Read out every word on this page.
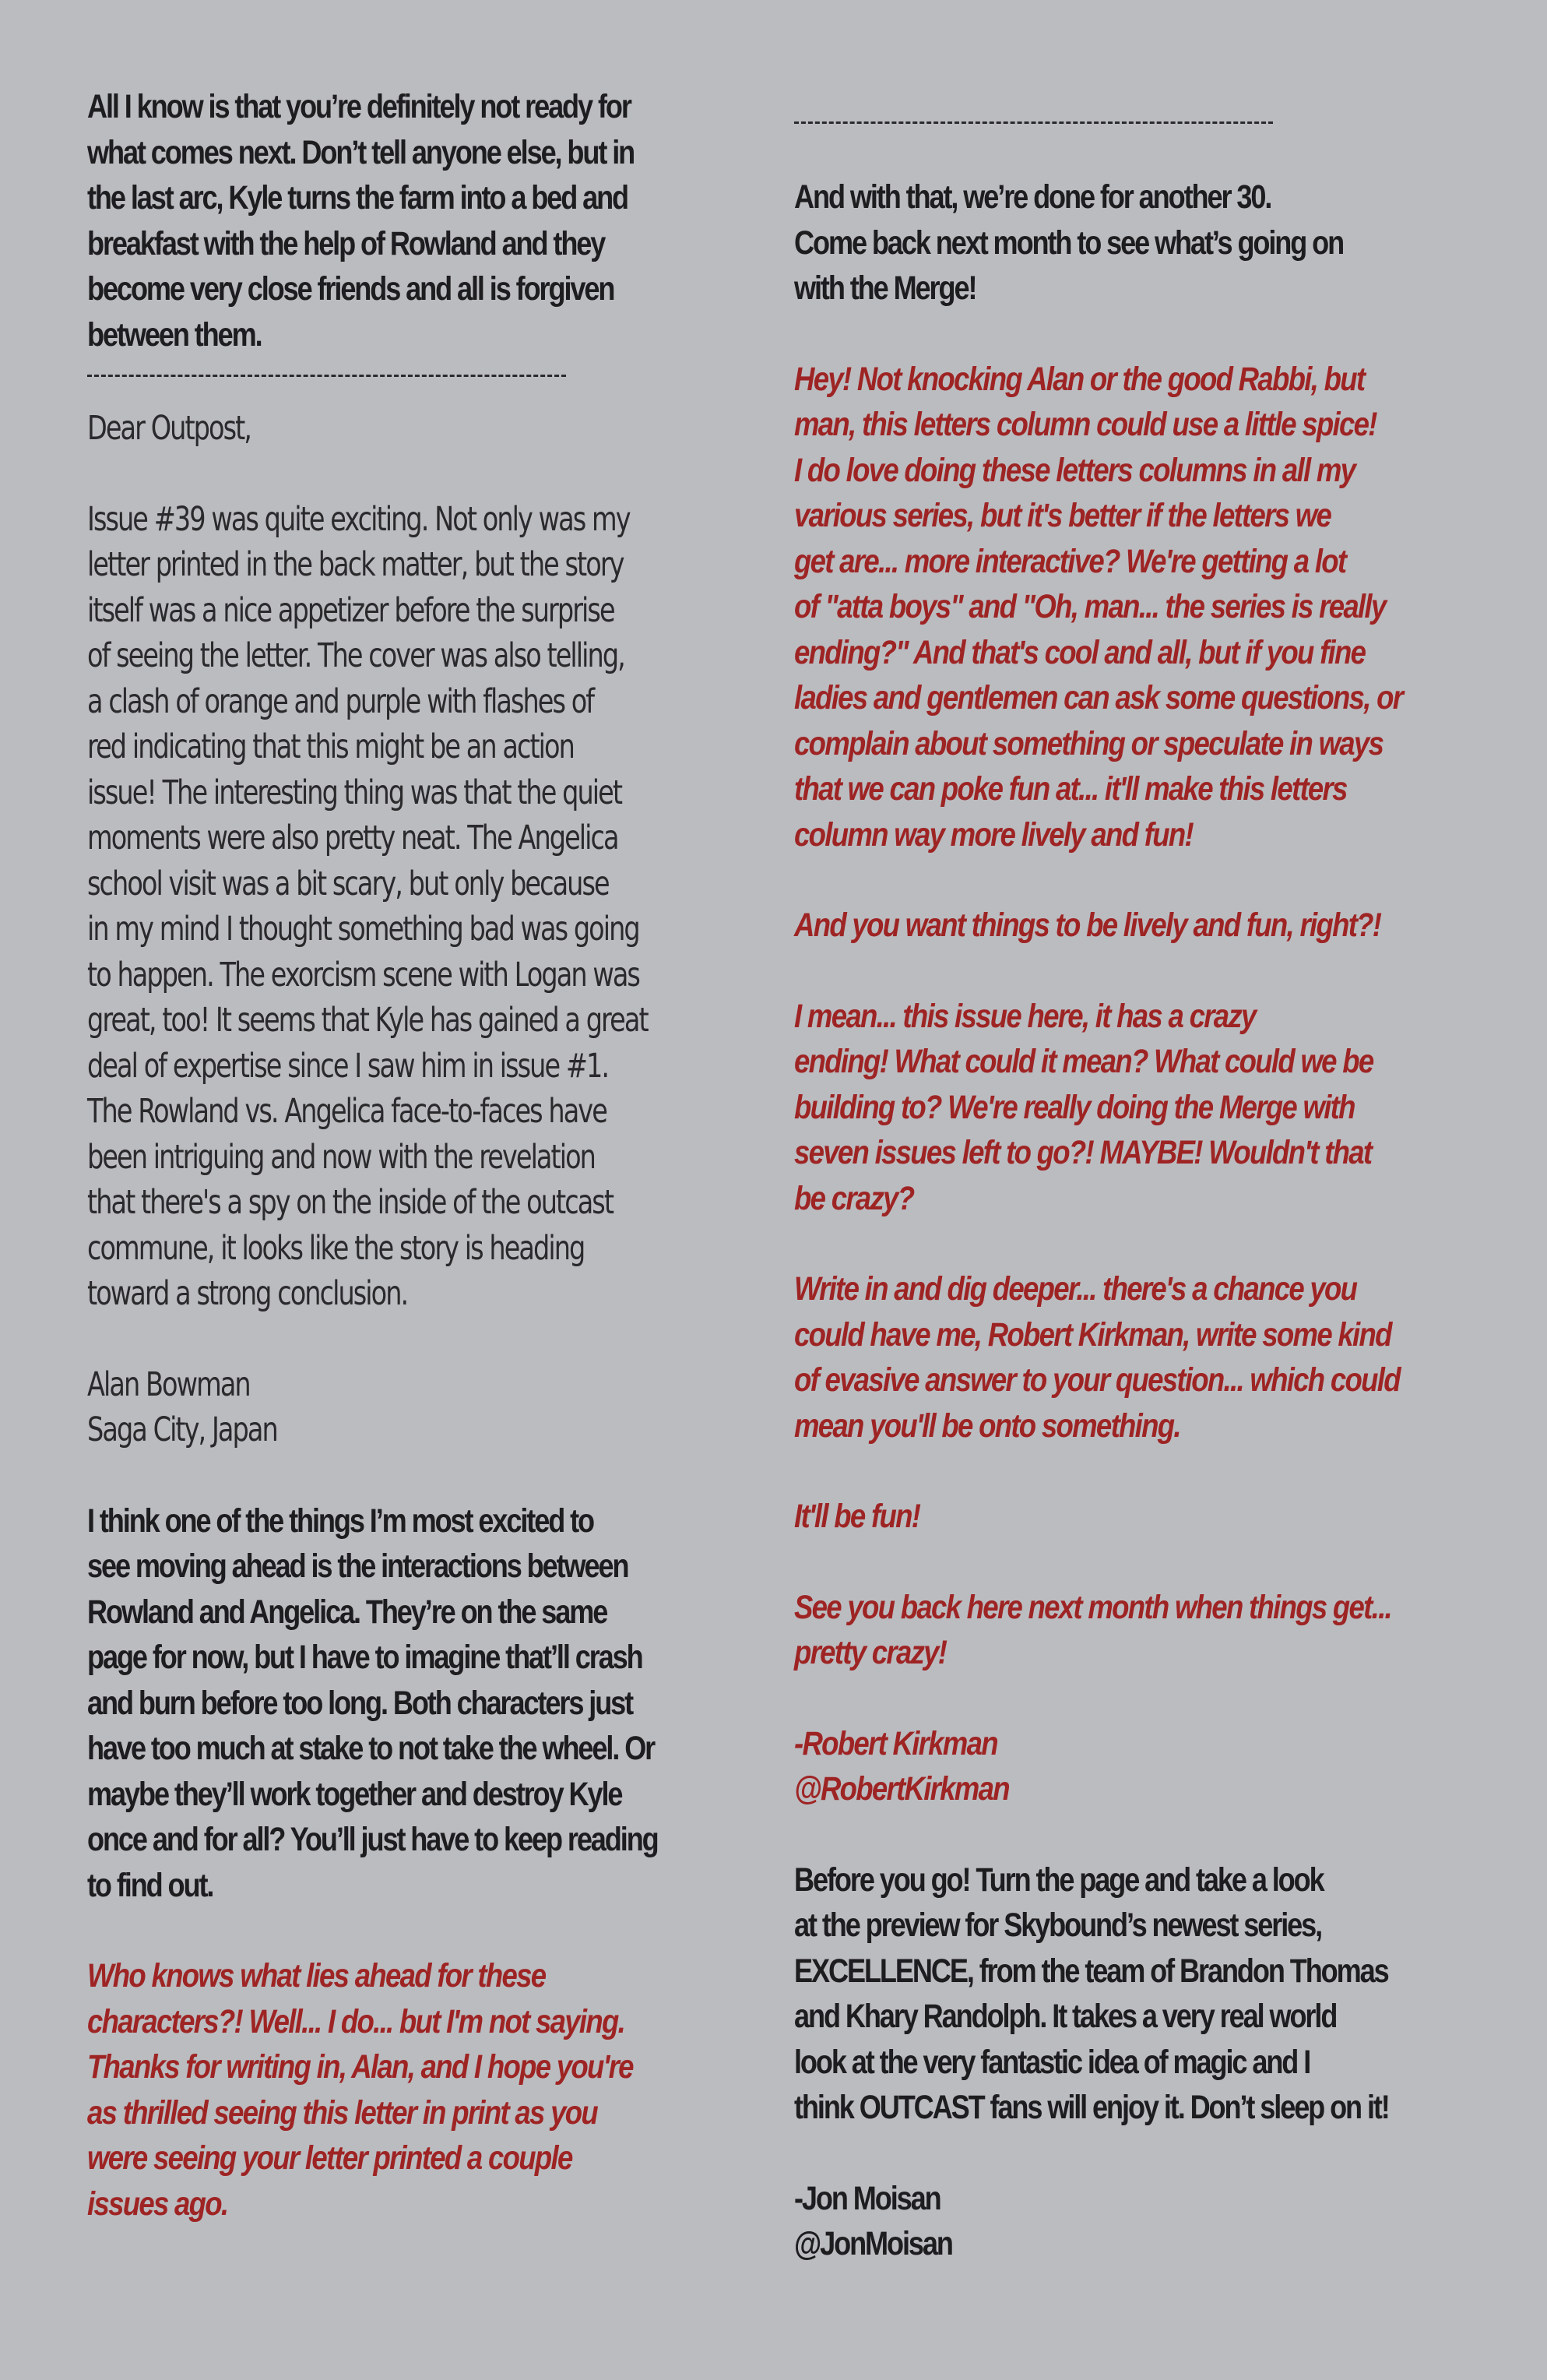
All I know is that you’re definitely not ready for
what comes next. Don’t tell anyone else, but in
the last arc, Kyle turns the farm into a bed and
breakfast with the help of Rowland and they
become very close friends and all is forgiven
between them.

Dear Outpost,

Issue #39 was quite exciting. Not only was my
letter printed in the back matter, but the story
itself was a nice appetizer before the surprise
of seeing the letter. The cover was also telling,
a clash of orange and purple with flashes of
red indicating that this might be an action
issue! The interesting thing was that the quiet
moments were also pretty neat. The Angelica
school visit was a bit scary, but only because
in my mind I thought something bad was going
to happen. The exorcism scene with Logan was
great, too! It seems that Kyle has gained a great
deal of expertise since I saw him in issue #1.
The Rowland vs. Angelica face-to-faces have
been intriguing and now with the revelation
that there's a spy on the inside of the outcast
commune, it looks like the story is heading
toward a strong conclusion.

Alan Bowman
Saga City, Japan

I think one of the things I’m most excited to
see moving ahead is the interactions between
Rowland and Angelica. They’re on the same
page for now, but I have to imagine that’ll crash
and burn before too long. Both characters just
have too much at stake to not take the wheel. Or
maybe they’ll work together and destroy Kyle
once and for all? You’ll just have to keep reading
to find out.

Who knows what lies ahead for these
characters?! Well... I do... but I'm not saying.
Thanks for writing in, Alan, and I hope you're
as thrilled seeing this letter in print as you
were seeing your letter printed a couple
issues ago.

And with that, we’re done for another 30.
Come back next month to see what’s going on
with the Merge!

Hey! Not knocking Alan or the good Rabbi, but
man, this letters column could use a little spice!
I do love doing these letters columns in all my
various series, but it's better if the letters we
get are... more interactive? We're getting a lot
of "atta boys" and "Oh, man... the series is really
ending?" And that's cool and all, but if you fine
ladies and gentlemen can ask some questions, or
complain about something or speculate in ways
that we can poke fun at... it'll make this letters
column way more lively and fun!

And you want things to be lively and fun, right?!

I mean... this issue here, it has a crazy
ending! What could it mean? What could we be
building to? We're really doing the Merge with
seven issues left to go?! MAYBE! Wouldn't that
be crazy?

Write in and dig deeper... there's a chance you
could have me, Robert Kirkman, write some kind
of evasive answer to your question... which could
mean you'll be onto something.

It'll be fun!

See you back here next month when things get...
pretty crazy!

-Robert Kirkman
@RobertKirkman

Before you go! Turn the page and take a look
at the preview for Skybound’s newest series,
EXCELLENCE, from the team of Brandon Thomas
and Khary Randolph. It takes a very real world
look at the very fantastic idea of magic and I
think OUTCAST fans will enjoy it. Don’t sleep on it!

-Jon Moisan
@JonMoisan
